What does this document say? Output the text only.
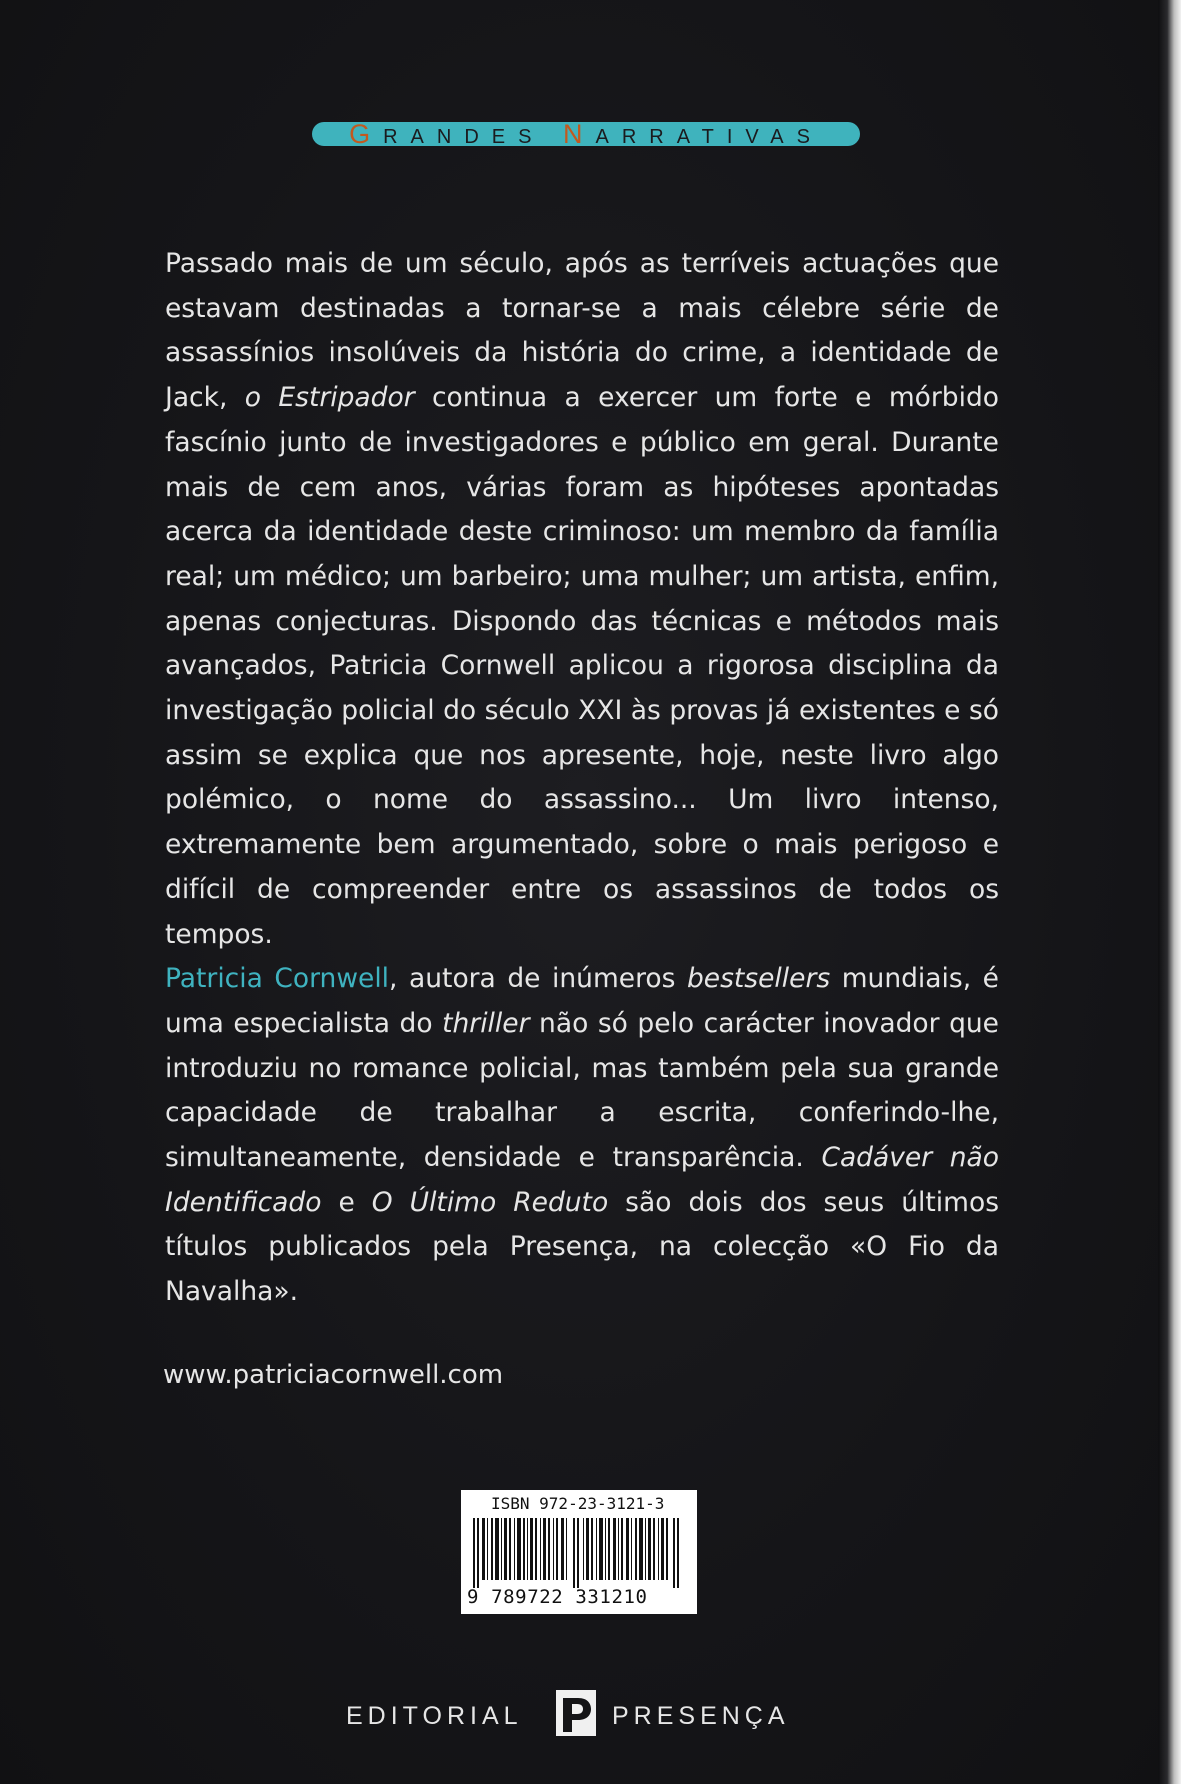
GRANDES NARRATIVAS

Passado mais de um século, após as terríveis actuações que estavam destinadas a tornar-se a mais célebre série de assassínios insolúveis da história do crime, a identidade de Jack, o Estripador continua a exercer um forte e mórbido fascínio junto de investigadores e público em geral. Durante mais de cem anos, várias foram as hipóteses apontadas acerca da identidade deste criminoso: um membro da família real; um médico; um barbeiro; uma mulher; um artista, enfim, apenas conjecturas. Dispondo das técnicas e métodos mais avançados, Patricia Cornwell aplicou a rigorosa disciplina da investigação policial do século XXI às provas já existentes e só assim se explica que nos apresente, hoje, neste livro algo polémico, o nome do assassino... Um livro intenso, extremamente bem argumentado, sobre o mais perigoso e difícil de compreender entre os assassinos de todos os tempos.

Patricia Cornwell, autora de inúmeros bestsellers mundiais, é uma especialista do thriller não só pelo carácter inovador que introduziu no romance policial, mas também pela sua grande capacidade de trabalhar a escrita, conferindo-lhe, simultaneamente, densidade e transparência. Cadáver não Identificado e O Último Reduto são dois dos seus últimos títulos publicados pela Presença, na colecção «O Fio da Navalha».

www.patriciacornwell.com

ISBN 972-23-3121-3
9 789722 331210
EDITORIAL	PRESENÇA
